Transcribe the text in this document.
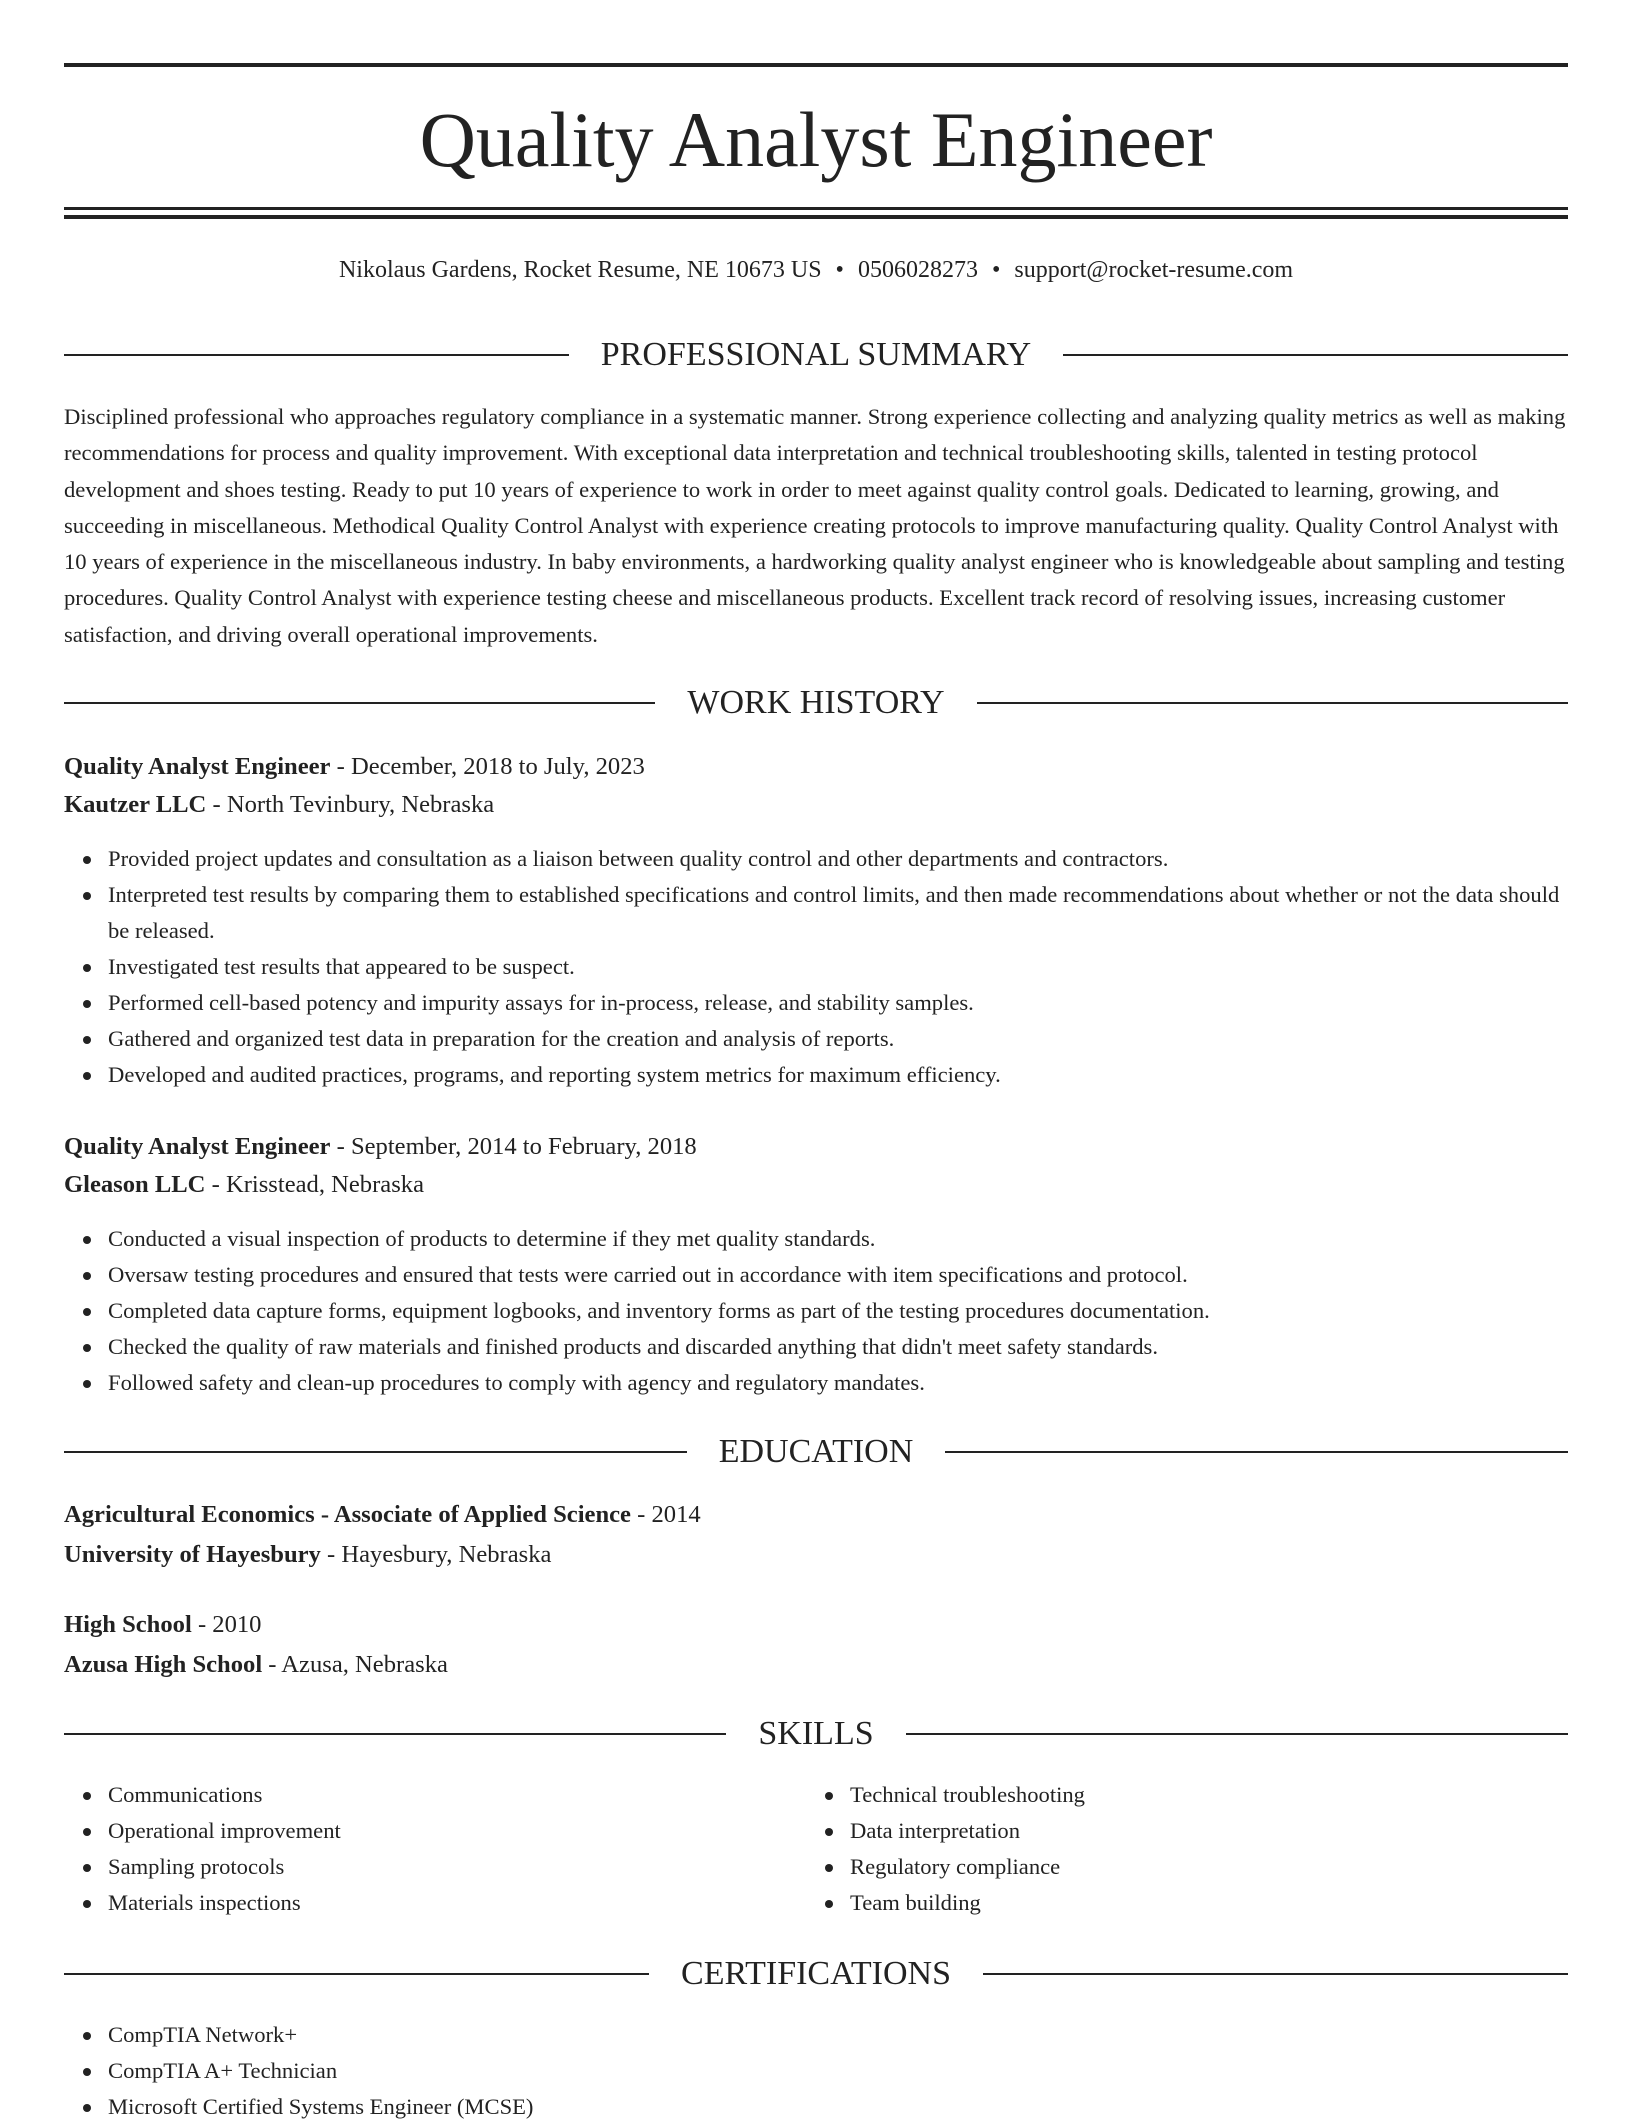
Quality Analyst Engineer
Nikolaus Gardens, Rocket Resume, NE 10673 US • 0506028273 • support@rocket-resume.com
PROFESSIONAL SUMMARY

Disciplined professional who approaches regulatory compliance in a systematic manner. Strong experience collecting and analyzing quality metrics as well as making recommendations for process and quality improvement. With exceptional data interpretation and technical troubleshooting skills, talented in testing protocol development and shoes testing. Ready to put 10 years of experience to work in order to meet against quality control goals. Dedicated to learning, growing, and succeeding in miscellaneous. Methodical Quality Control Analyst with experience creating protocols to improve manufacturing quality. Quality Control Analyst with 10 years of experience in the miscellaneous industry. In baby environments, a hardworking quality analyst engineer who is knowledgeable about sampling and testing procedures. Quality Control Analyst with experience testing cheese and miscellaneous products. Excellent track record of resolving issues, increasing customer satisfaction, and driving overall operational improvements.

WORK HISTORY
Quality Analyst Engineer - December, 2018 to July, 2023
Kautzer LLC - North Tevinbury, Nebraska
Provided project updates and consultation as a liaison between quality control and other departments and contractors.
Interpreted test results by comparing them to established specifications and control limits, and then made recommendations about whether or not the data should be released.
Investigated test results that appeared to be suspect.
Performed cell-based potency and impurity assays for in-process, release, and stability samples.
Gathered and organized test data in preparation for the creation and analysis of reports.
Developed and audited practices, programs, and reporting system metrics for maximum efficiency.
Quality Analyst Engineer - September, 2014 to February, 2018
Gleason LLC - Krisstead, Nebraska
Conducted a visual inspection of products to determine if they met quality standards.
Oversaw testing procedures and ensured that tests were carried out in accordance with item specifications and protocol.
Completed data capture forms, equipment logbooks, and inventory forms as part of the testing procedures documentation.
Checked the quality of raw materials and finished products and discarded anything that didn't meet safety standards.
Followed safety and clean-up procedures to comply with agency and regulatory mandates.
EDUCATION
Agricultural Economics - Associate of Applied Science - 2014
University of Hayesbury - Hayesbury, Nebraska
High School - 2010
Azusa High School - Azusa, Nebraska
SKILLS
Communications
Operational improvement
Sampling protocols
Materials inspections
Technical troubleshooting
Data interpretation
Regulatory compliance
Team building
CERTIFICATIONS
CompTIA Network+
CompTIA A+ Technician
Microsoft Certified Systems Engineer (MCSE)
